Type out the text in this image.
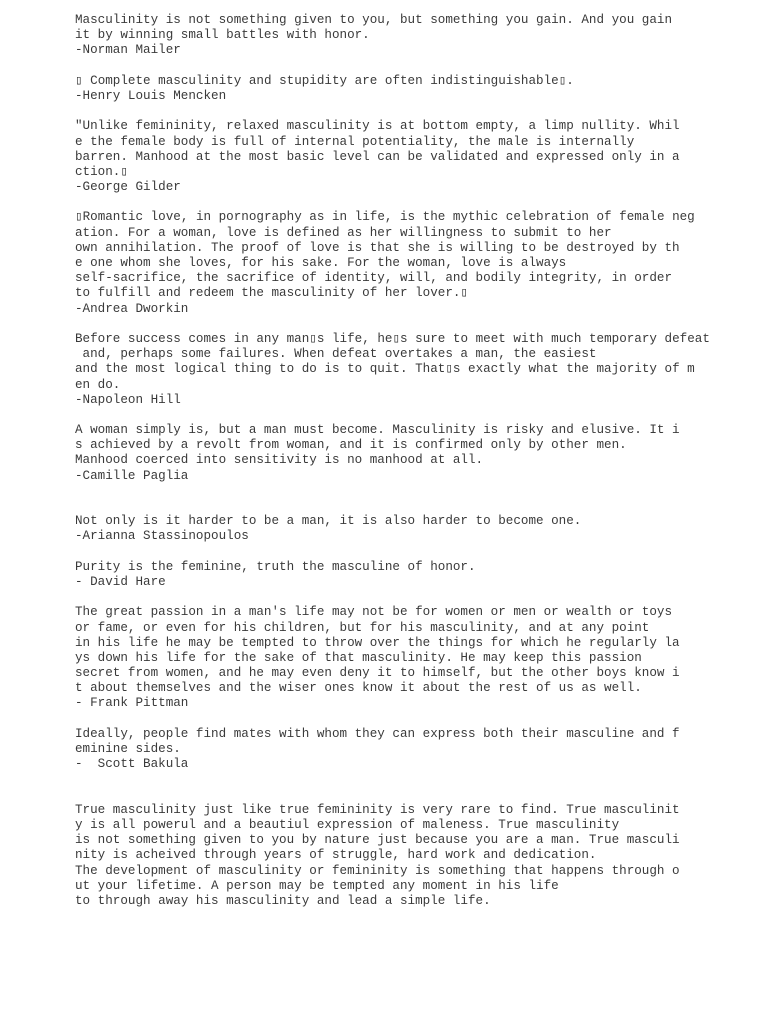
Masculinity is not something given to you, but something you gain. And you gain
it by winning small battles with honor.
-Norman Mailer
▯ Complete masculinity and stupidity are often indistinguishable▯.
-Henry Louis Mencken
"Unlike femininity, relaxed masculinity is at bottom empty, a limp nullity. Whil
e the female body is full of internal potentiality, the male is internally
barren. Manhood at the most basic level can be validated and expressed only in a
ction.▯
-George Gilder
▯Romantic love, in pornography as in life, is the mythic celebration of female neg
ation. For a woman, love is defined as her willingness to submit to her
own annihilation. The proof of love is that she is willing to be destroyed by th
e one whom she loves, for his sake. For the woman, love is always
self-sacrifice, the sacrifice of identity, will, and bodily integrity, in order
to fulfill and redeem the masculinity of her lover.▯
-Andrea Dworkin
Before success comes in any man▯s life, he▯s sure to meet with much temporary defeat
and, perhaps some failures. When defeat overtakes a man, the easiest
and the most logical thing to do is to quit. That▯s exactly what the majority of m
en do.
-Napoleon Hill
A woman simply is, but a man must become. Masculinity is risky and elusive. It i
s achieved by a revolt from woman, and it is confirmed only by other men.
Manhood coerced into sensitivity is no manhood at all.
-Camille Paglia
Not only is it harder to be a man, it is also harder to become one.
-Arianna Stassinopoulos
Purity is the feminine, truth the masculine of honor.
- David Hare
The great passion in a man's life may not be for women or men or wealth or toys
or fame, or even for his children, but for his masculinity, and at any point
in his life he may be tempted to throw over the things for which he regularly la
ys down his life for the sake of that masculinity. He may keep this passion
secret from women, and he may even deny it to himself, but the other boys know i
t about themselves and the wiser ones know it about the rest of us as well.
- Frank Pittman
Ideally, people find mates with whom they can express both their masculine and f
eminine sides.
-  Scott Bakula
True masculinity just like true femininity is very rare to find. True masculinit
y is all powerul and a beautiul expression of maleness. True masculinity
is not something given to you by nature just because you are a man. True masculi
nity is acheived through years of struggle, hard work and dedication.
The development of masculinity or femininity is something that happens through o
ut your lifetime. A person may be tempted any moment in his life
to through away his masculinity and lead a simple life.
